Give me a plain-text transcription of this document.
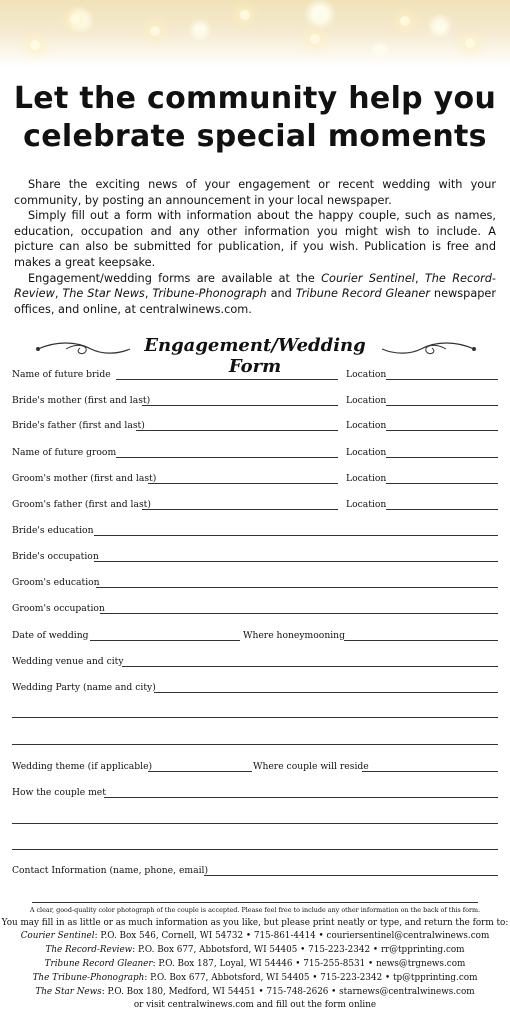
Let the community help you celebrate special moments

Share the exciting news of your engagement or recent wedding with your community, by posting an announcement in your local newspaper.

Simply fill out a form with information about the happy couple, such as names, education, occupation and any other information you might wish to include. A picture can also be submitted for publication, if you wish. Publication is free and makes a great keepsake.

Engagement/wedding forms are available at the Courier Sentinel, The Record-Review, The Star News, Tribune-Phonograph and Tribune Record Gleaner newspaper offices, and online, at centralwinews.com.

Engagement/Wedding Form
Name of future bride	Location
Bride's mother (first and last)	Location
Bride's father (first and last)	Location
Name of future groom	Location
Groom's mother (first and last)	Location
Groom's father (first and last)	Location
Bride's education
Bride's occupation
Groom's education
Groom's occupation
Date of wedding	Where honeymooning
Wedding venue and city
Wedding Party (name and city)
Wedding theme (if applicable)	Where couple will reside
How the couple met
Contact Information (name, phone, email)
A clear, good-quality color photograph of the couple is accepted. Please feel free to include any other information on the back of this form.
You may fill in as little or as much information as you like, but please print neatly or type, and return the form to:
Courier Sentinel: P.O. Box 546, Cornell, WI 54732 • 715-861-4414 • couriersentinel@centralwinews.com
The Record-Review: P.O. Box 677, Abbotsford, WI 54405 • 715-223-2342 • rr@tpprinting.com
Tribune Record Gleaner: P.O. Box 187, Loyal, WI 54446 • 715-255-8531 • news@trgnews.com
The Tribune-Phonograph: P.O. Box 677, Abbotsford, WI 54405 • 715-223-2342 • tp@tpprinting.com
The Star News: P.O. Box 180, Medford, WI 54451 • 715-748-2626 • starnews@centralwinews.com
or visit centralwinews.com and fill out the form online
